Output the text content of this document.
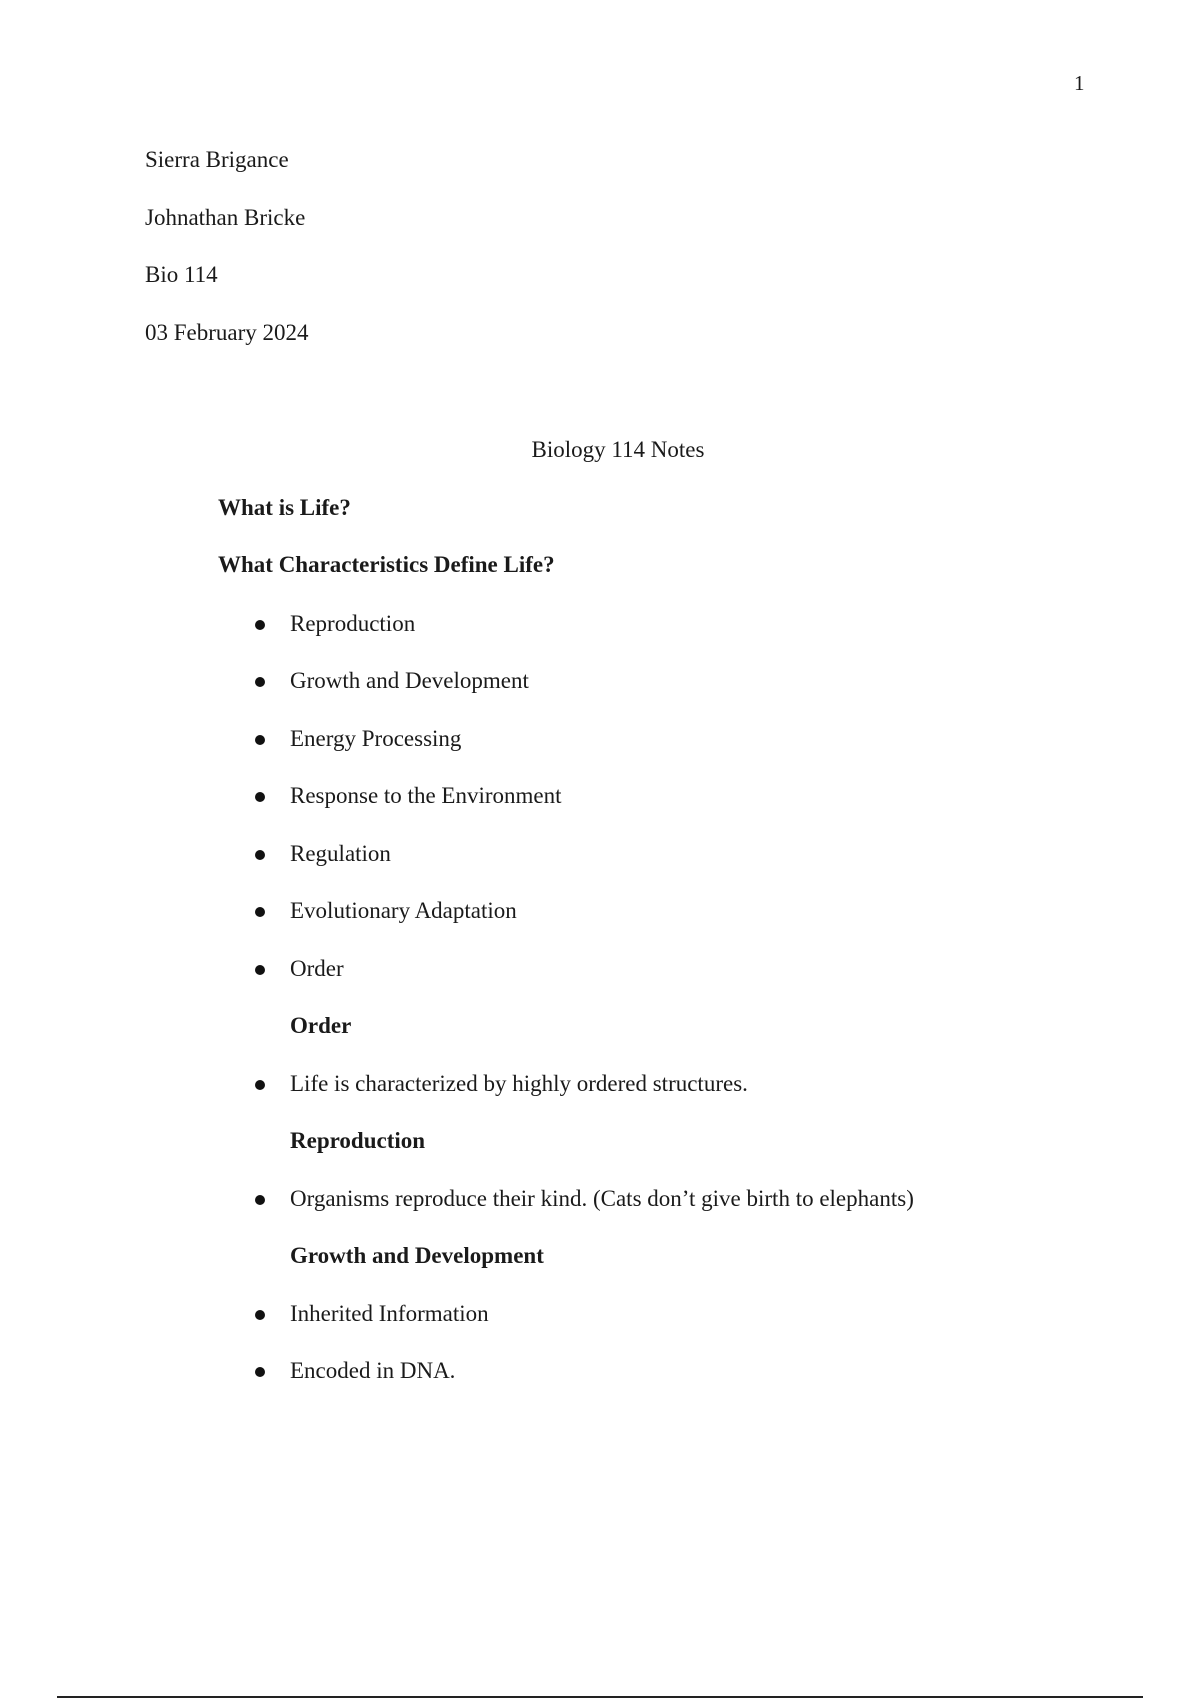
1
Sierra Brigance
Johnathan Bricke
Bio 114
03 February 2024
Biology 114 Notes
What is Life?
What Characteristics Define Life?
Reproduction
Growth and Development
Energy Processing
Response to the Environment
Regulation
Evolutionary Adaptation
Order
Order
Life is characterized by highly ordered structures.
Reproduction
Organisms reproduce their kind. (Cats don’t give birth to elephants)
Growth and Development
Inherited Information
Encoded in DNA.
